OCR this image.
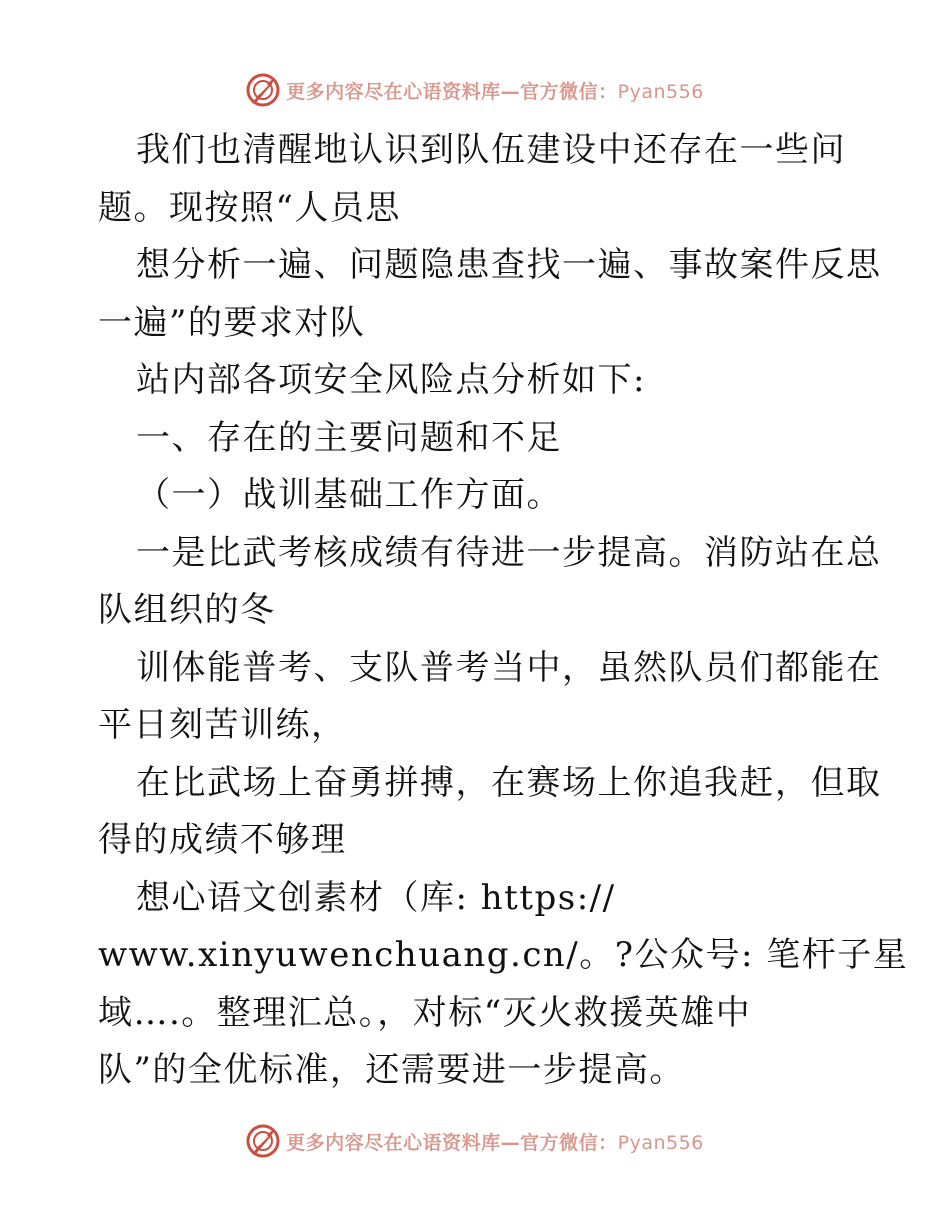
更多内容尽在心语资料库—官方微信：Pyan556
我们也清醒地认识到队伍建设中还存在一些问
题。现按照“人员思
想分析一遍、问题隐患查找一遍、事故案件反思
一遍”的要求对队
站内部各项安全风险点分析如下:
一、存在的主要问题和不足
（一）战训基础工作方面。
一是比武考核成绩有待进一步提高。消防站在总
队组织的冬
训体能普考、支队普考当中，虽然队员们都能在
平日刻苦训练，
在比武场上奋勇拼搏，在赛场上你追我赶，但取
得的成绩不够理
想心语文创素材（库: https://
www.xinyuwenchuang.cn/。?公众号: 笔杆子星
域….。整理汇总。，对标“灭火救援英雄中
队”的全优标准，还需要进一步提高。
更多内容尽在心语资料库—官方微信：Pyan556
